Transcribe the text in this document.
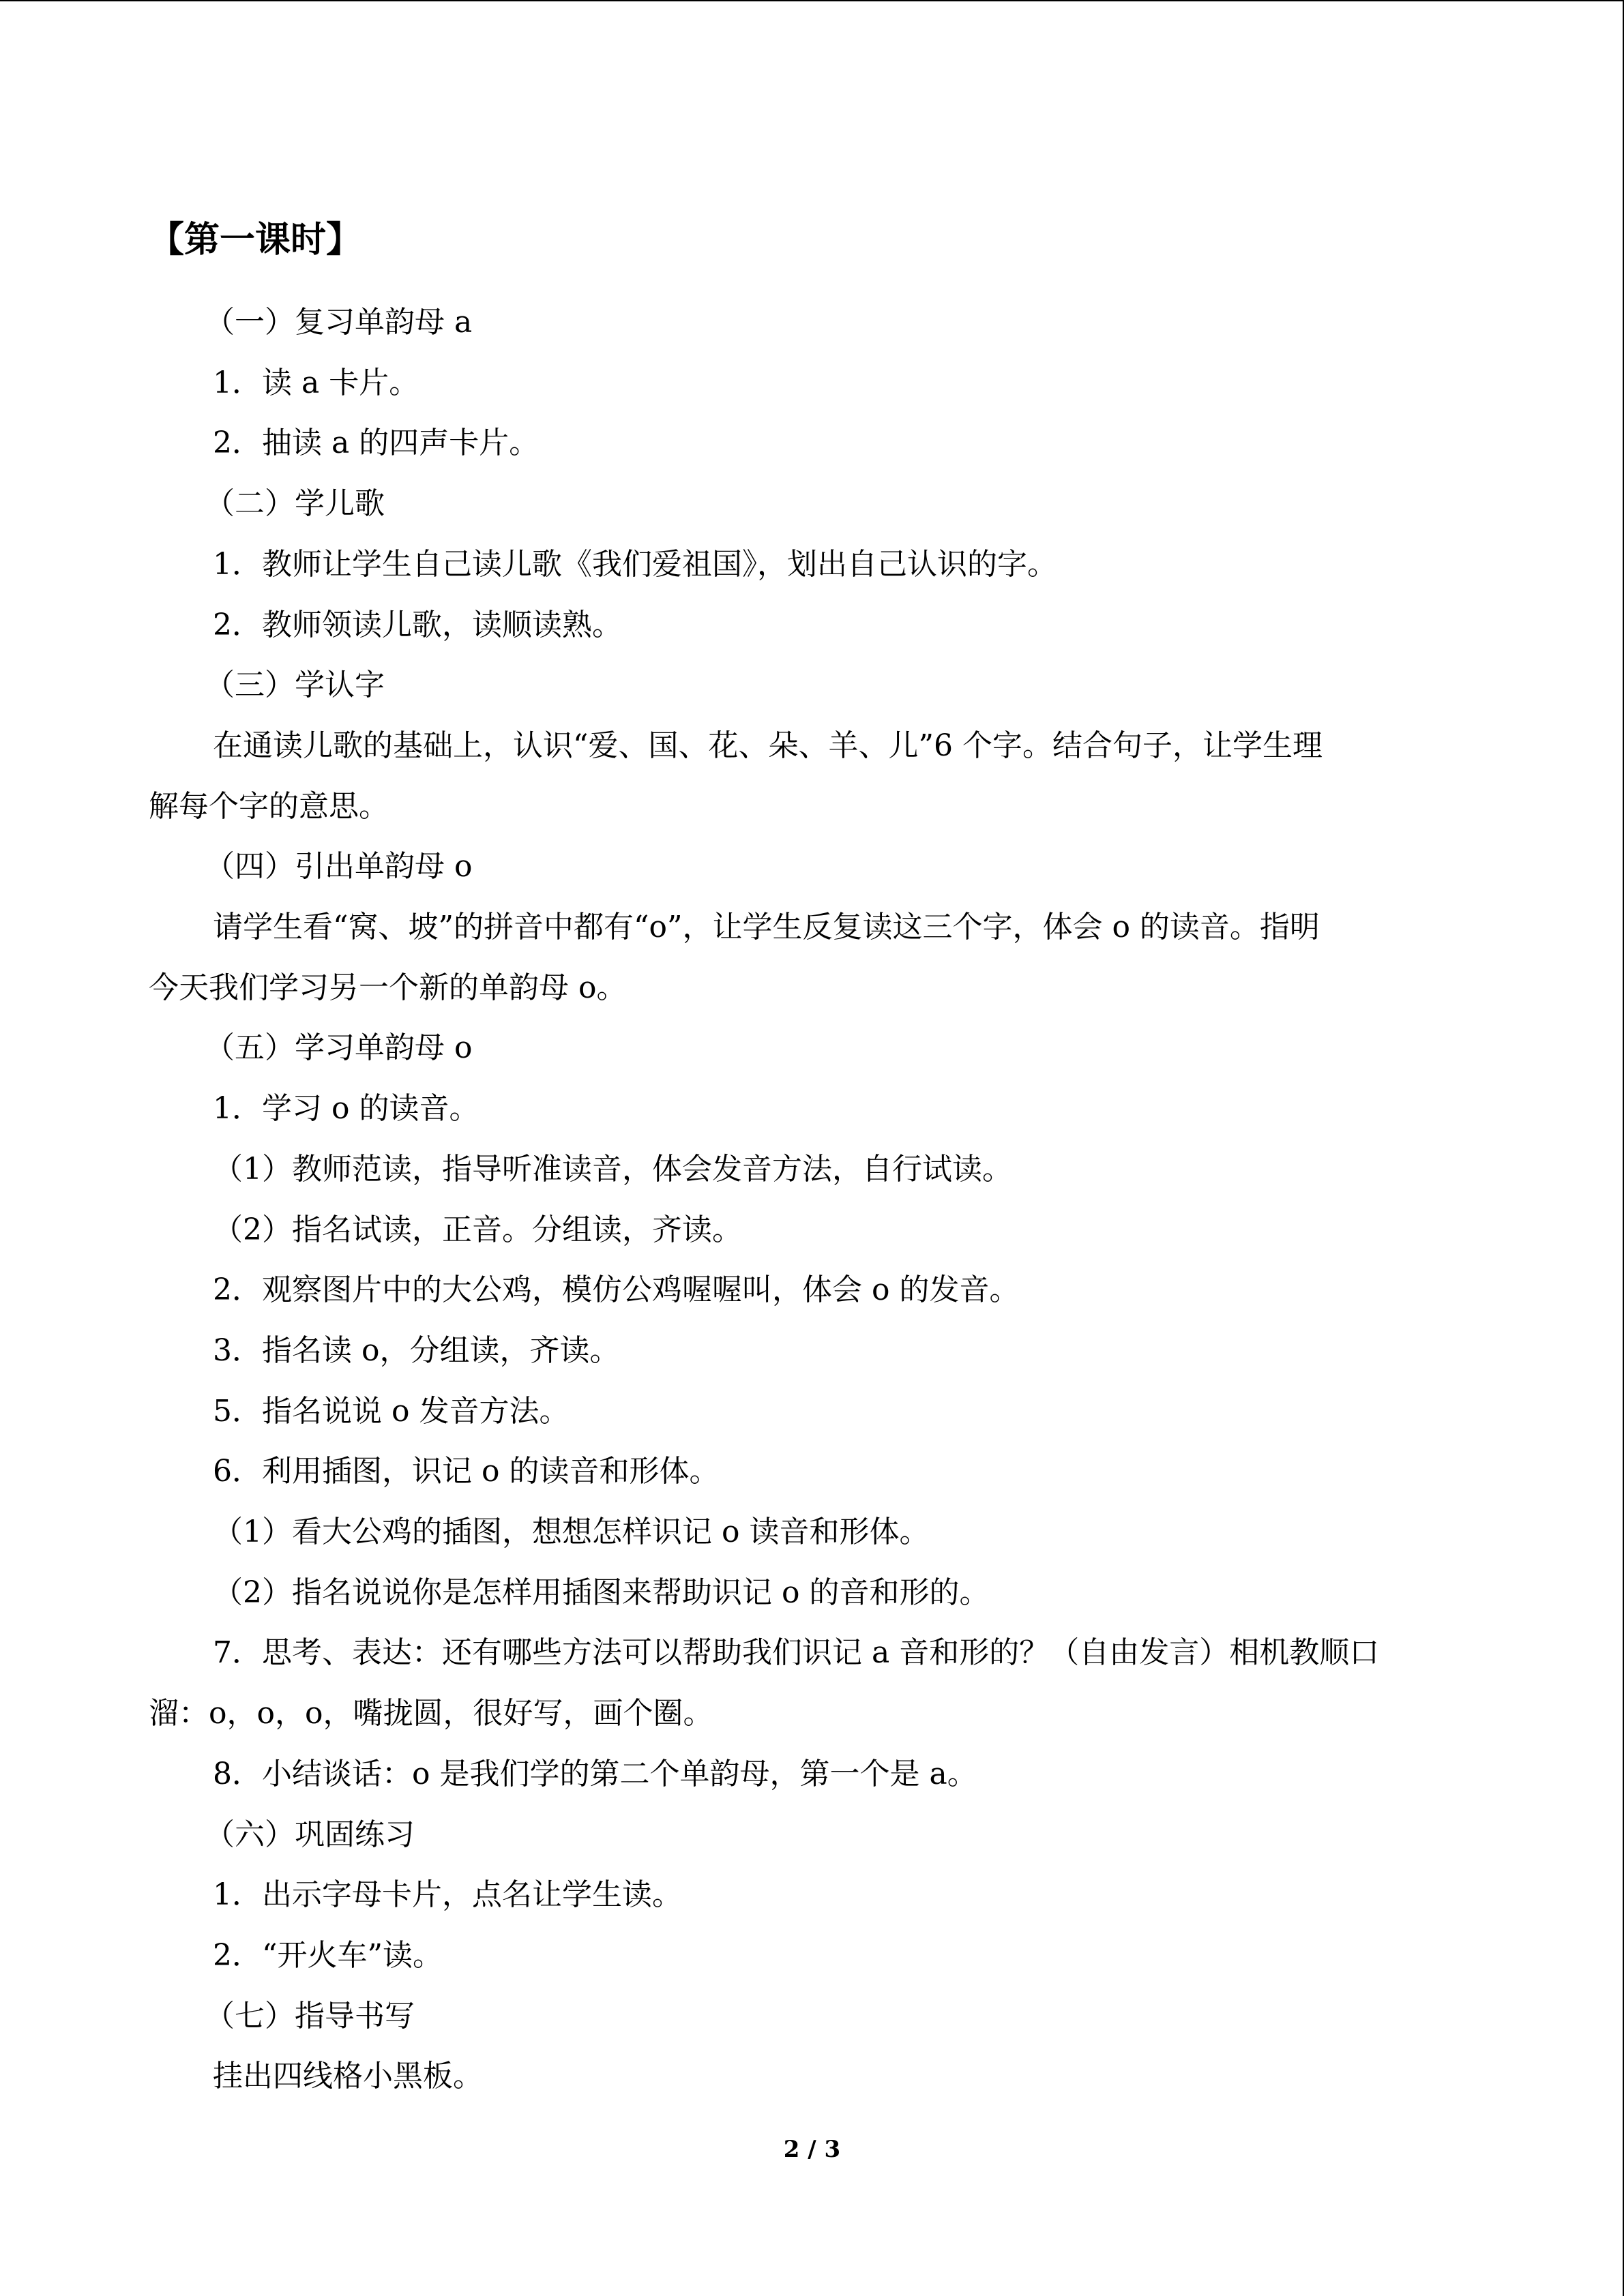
【第一课时】
（一）复习单韵母 a
1．读 a 卡片。
2．抽读 a 的四声卡片。
（二）学儿歌
1．教师让学生自己读儿歌《我们爱祖国》，划出自己认识的字。
2．教师领读儿歌，读顺读熟。
（三）学认字
在通读儿歌的基础上，认识“爱、国、花、朵、羊、儿”6 个字。结合句子，让学生理
解每个字的意思。
（四）引出单韵母 o
请学生看“窝、坡”的拼音中都有“o”，让学生反复读这三个字，体会 o 的读音。指明
今天我们学习另一个新的单韵母 o。
（五）学习单韵母 o
1．学习 o 的读音。
（1）教师范读，指导听准读音，体会发音方法，自行试读。
（2）指名试读，正音。分组读，齐读。
2．观察图片中的大公鸡，模仿公鸡喔喔叫，体会 o 的发音。
3．指名读 o，分组读，齐读。
5．指名说说 o 发音方法。
6．利用插图，识记 o 的读音和形体。
（1）看大公鸡的插图，想想怎样识记 o 读音和形体。
（2）指名说说你是怎样用插图来帮助识记 o 的音和形的。
7．思考、表达：还有哪些方法可以帮助我们识记 a 音和形的？（自由发言）相机教顺口
溜：o，o，o，嘴拢圆，很好写，画个圈。
8．小结谈话：o 是我们学的第二个单韵母，第一个是 a。
（六）巩固练习
1．出示字母卡片，点名让学生读。
2．“开火车”读。
（七）指导书写
挂出四线格小黑板。
2 / 3
